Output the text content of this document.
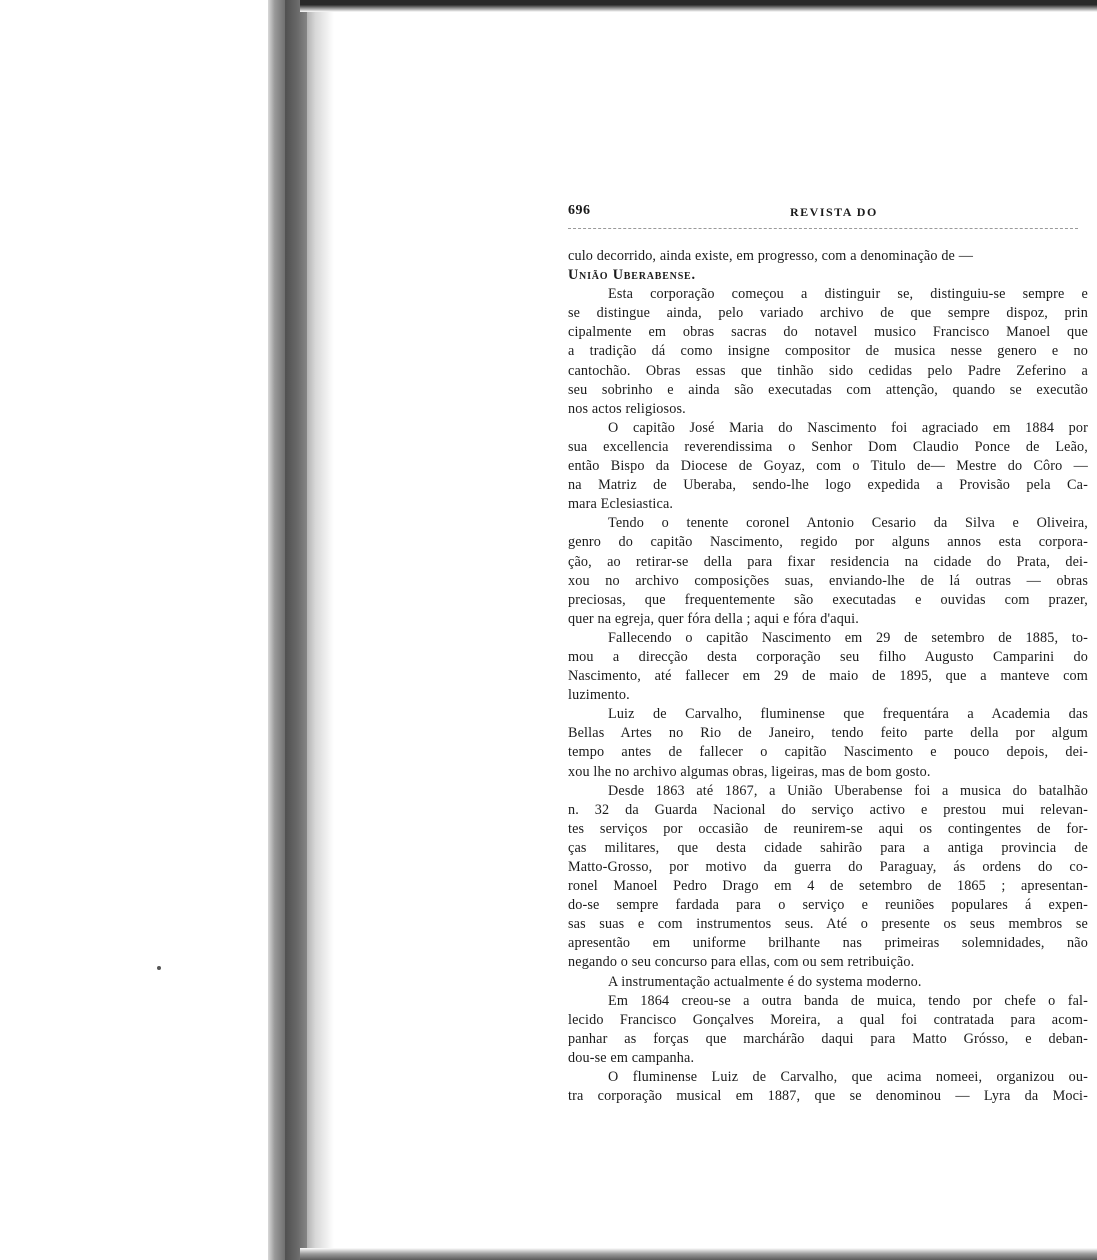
696	REVISTA DO
culo decorrido, ainda existe, em progresso, com a denominação de —
União Uberabense.
Esta corporação começou a distinguir se, distinguiu-se sempre e
se distingue ainda, pelo variado archivo de que sempre dispoz, prin
cipalmente em obras sacras do notavel musico Francisco Manoel que
a tradição dá como insigne compositor de musica nesse genero e no
cantochão. Obras essas que tinhão sido cedidas pelo Padre Zeferino a
seu sobrinho e ainda são executadas com attenção, quando se executão
nos actos religiosos.
O capitão José Maria do Nascimento foi agraciado em 1884 por
sua excellencia reverendissima o Senhor Dom Claudio Ponce de Leão,
então Bispo da Diocese de Goyaz, com o Titulo de— Mestre do Côro —
na Matriz de Uberaba, sendo-lhe logo expedida a Provisão pela Ca-
mara Eclesiastica.
Tendo o tenente coronel Antonio Cesario da Silva e Oliveira,
genro do capitão Nascimento, regido por alguns annos esta corpora-
ção, ao retirar-se della para fixar residencia na cidade do Prata, dei-
xou no archivo composições suas, enviando-lhe de lá outras — obras
preciosas, que frequentemente são executadas e ouvidas com prazer,
quer na egreja, quer fóra della ; aqui e fóra d'aqui.
Fallecendo o capitão Nascimento em 29 de setembro de 1885, to-
mou a direcção desta corporação seu filho Augusto Camparini do
Nascimento, até fallecer em 29 de maio de 1895, que a manteve com
luzimento.
Luiz de Carvalho, fluminense que frequentára a Academia das
Bellas Artes no Rio de Janeiro, tendo feito parte della por algum
tempo antes de fallecer o capitão Nascimento e pouco depois, dei-
xou lhe no archivo algumas obras, ligeiras, mas de bom gosto.
Desde 1863 até 1867, a União Uberabense foi a musica do batalhão
n. 32 da Guarda Nacional do serviço activo e prestou mui relevan-
tes serviços por occasião de reunirem-se aqui os contingentes de for-
ças militares, que desta cidade sahirão para a antiga provincia de
Matto-Grosso, por motivo da guerra do Paraguay, ás ordens do co-
ronel Manoel Pedro Drago em 4 de setembro de 1865 ; apresentan-
do-se sempre fardada para o serviço e reuniões populares á expen-
sas suas e com instrumentos seus. Até o presente os seus membros se
apresentão em uniforme brilhante nas primeiras solemnidades, não
negando o seu concurso para ellas, com ou sem retribuição.
A instrumentação actualmente é do systema moderno.
Em 1864 creou-se a outra banda de muica, tendo por chefe o fal-
lecido Francisco Gonçalves Moreira, a qual foi contratada para acom-
panhar as forças que marchárão daqui para Matto Grósso, e deban-
dou-se em campanha.
O fluminense Luiz de Carvalho, que acima nomeei, organizou ou-
tra corporação musical em 1887, que se denominou — Lyra da Moci-
